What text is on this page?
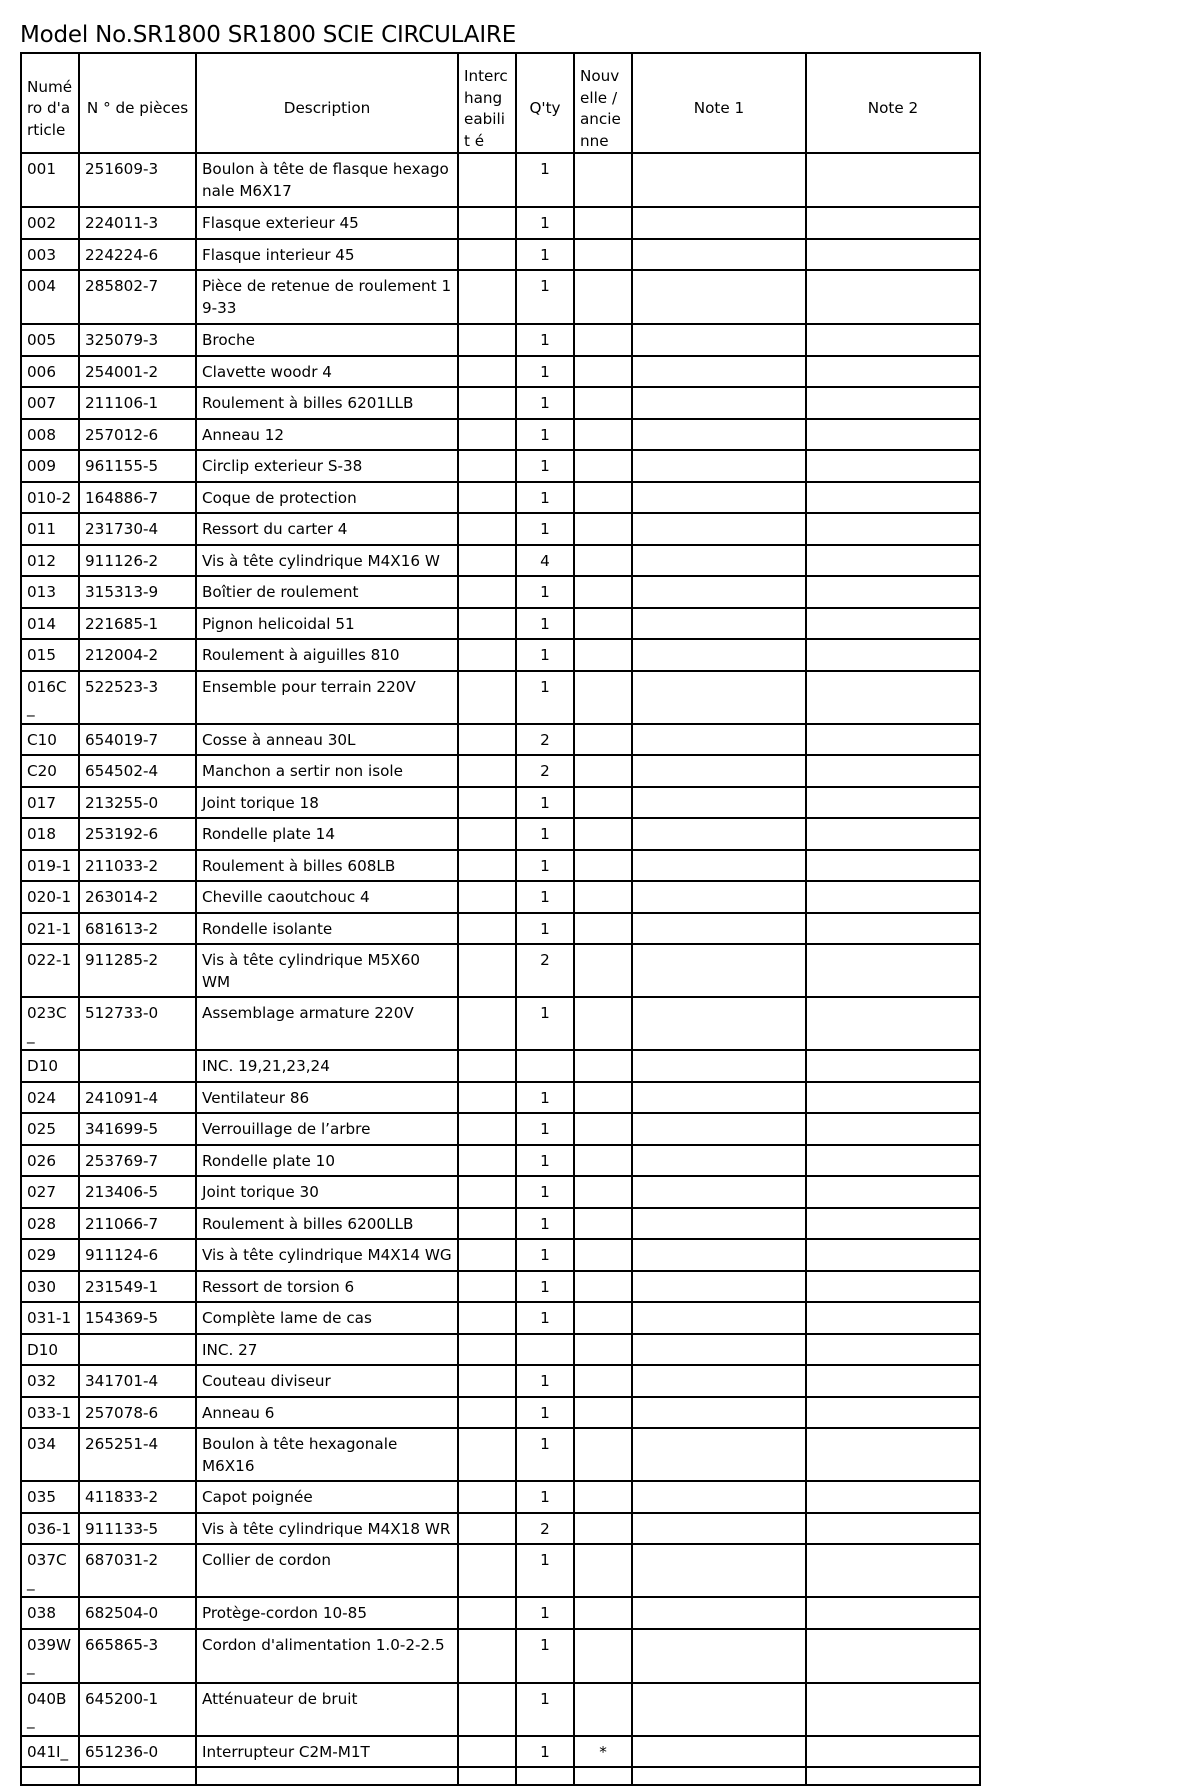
Model No.SR1800 SR1800 SCIE CIRCULAIRE
Numé ro d'a rticle	N ° de pièces	Description	Interc hang eabilit é	Q'ty	Nouv elle / ancie nne	Note 1	Note 2
001	251609-3	Boulon à tête de flasque hexago nale M6X17		1			
002	224011-3	Flasque exterieur 45		1			
003	224224-6	Flasque interieur 45		1			
004	285802-7	Pièce de retenue de roulement 1 9-33		1			
005	325079-3	Broche		1			
006	254001-2	Clavette woodr 4		1			
007	211106-1	Roulement à billes 6201LLB		1			
008	257012-6	Anneau 12		1			
009	961155-5	Circlip exterieur S-38		1			
010-2	164886-7	Coque de protection		1			
011	231730-4	Ressort du carter 4		1			
012	911126-2	Vis à tête cylindrique M4X16 W		4			
013	315313-9	Boîtier de roulement		1			
014	221685-1	Pignon helicoidal 51		1			
015	212004-2	Roulement à aiguilles 810		1			
016C_	522523-3	Ensemble pour terrain 220V		1			
C10	654019-7	Cosse à anneau 30L		2			
C20	654502-4	Manchon a sertir non isole		2			
017	213255-0	Joint torique 18		1			
018	253192-6	Rondelle plate 14		1			
019-1	211033-2	Roulement à billes 608LB		1			
020-1	263014-2	Cheville caoutchouc 4		1			
021-1	681613-2	Rondelle isolante		1			
022-1	911285-2	Vis à tête cylindrique M5X60 WM		2			
023C_	512733-0	Assemblage armature 220V		1			
D10		INC. 19,21,23,24					
024	241091-4	Ventilateur 86		1			
025	341699-5	Verrouillage de l’arbre		1			
026	253769-7	Rondelle plate 10		1			
027	213406-5	Joint torique 30		1			
028	211066-7	Roulement à billes 6200LLB		1			
029	911124-6	Vis à tête cylindrique M4X14 WG		1			
030	231549-1	Ressort de torsion 6		1			
031-1	154369-5	Complète lame de cas		1			
D10		INC. 27					
032	341701-4	Couteau diviseur		1			
033-1	257078-6	Anneau 6		1			
034	265251-4	Boulon à tête hexagonale M6X16		1			
035	411833-2	Capot poignée		1			
036-1	911133-5	Vis à tête cylindrique M4X18 WR		2			
037C_	687031-2	Collier de cordon		1			
038	682504-0	Protège-cordon 10-85		1			
039W _	665865-3	Cordon d'alimentation 1.0-2-2.5		1			
040B_	645200-1	Atténuateur de bruit		1			
041I_	651236-0	Interrupteur C2M-M1T		1	*		
